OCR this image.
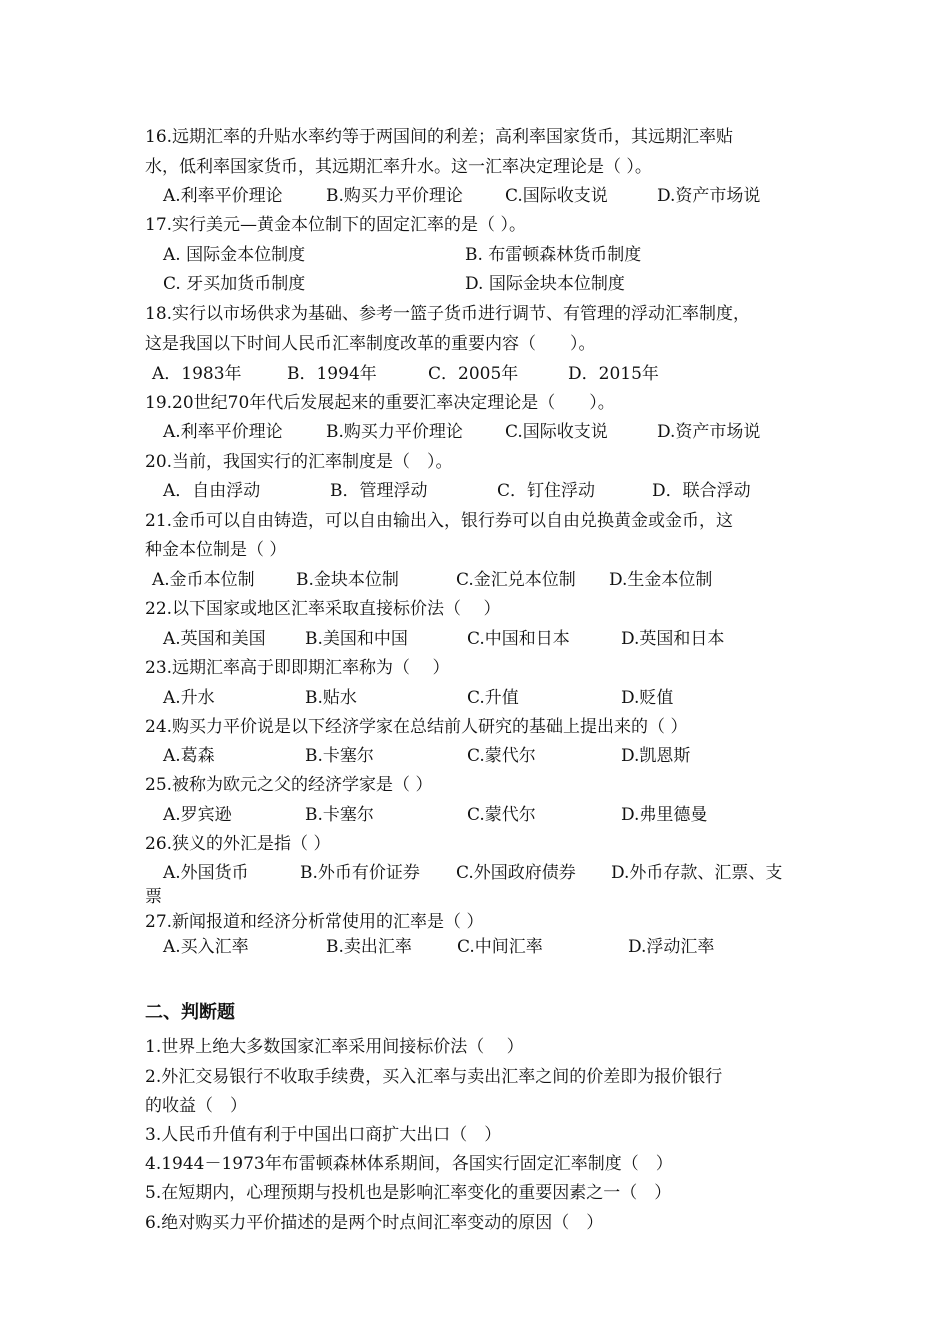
16.远期汇率的升贴水率约等于两国间的利差；高利率国家货币，其远期汇率贴
水，低利率国家货币，其远期汇率升水。这一汇率决定理论是（ ）。
A.利率平价理论	B.购买力平价理论 C.国际收支说	D.资产市场说
17.实行美元—黄金本位制下的固定汇率的是（ ）。
A. 国际金本位制度	B. 布雷顿森林货币制度
C. 牙买加货币制度	D. 国际金块本位制度
18.实行以市场供求为基础、参考一篮子货币进行调节、有管理的浮动汇率制度，
这是我国以下时间人民币汇率制度改革的重要内容（　　）。
A．1983年	B．1994年	C．2005年	D．2015年
19.20世纪70年代后发展起来的重要汇率决定理论是（　　）。
A.利率平价理论	B.购买力平价理论 C.国际收支说	D.资产市场说
20.当前，我国实行的汇率制度是（　）。
A．自由浮动	B．管理浮动	C．钉住浮动	D．联合浮动
21.金币可以自由铸造，可以自由输出入，银行券可以自由兑换黄金或金币，这
种金本位制是（ ）
A.金币本位制 B.金块本位制	C.金汇兑本位制 D.生金本位制
22.以下国家或地区汇率采取直接标价法（　 ）
A.英国和美国 B.美国和中国	C.中国和日本	D.英国和日本
23.远期汇率高于即即期汇率称为（　 ）
A.升水	B.贴水	C.升值	D.贬值
24.购买力平价说是以下经济学家在总结前人研究的基础上提出来的（ ）
A.葛森	B.卡塞尔	C.蒙代尔	D.凯恩斯
25.被称为欧元之父的经济学家是（ ）
A.罗宾逊	B.卡塞尔	C.蒙代尔	D.弗里德曼
26.狭义的外汇是指（ ）
A.外国货币	B.外币有价证券 C.外国政府债券 D.外币存款、汇票、支
票
27.新闻报道和经济分析常使用的汇率是（ ）
A.买入汇率	B.卖出汇率	C.中间汇率	D.浮动汇率
二、判断题
1.世界上绝大多数国家汇率采用间接标价法（　 ）
2.外汇交易银行不收取手续费，买入汇率与卖出汇率之间的价差即为报价银行
的收益（　）
3.人民币升值有利于中国出口商扩大出口（　）
4.1944－1973年布雷顿森林体系期间，各国实行固定汇率制度（　）
5.在短期内，心理预期与投机也是影响汇率变化的重要因素之一（　）
6.绝对购买力平价描述的是两个时点间汇率变动的原因（　）
